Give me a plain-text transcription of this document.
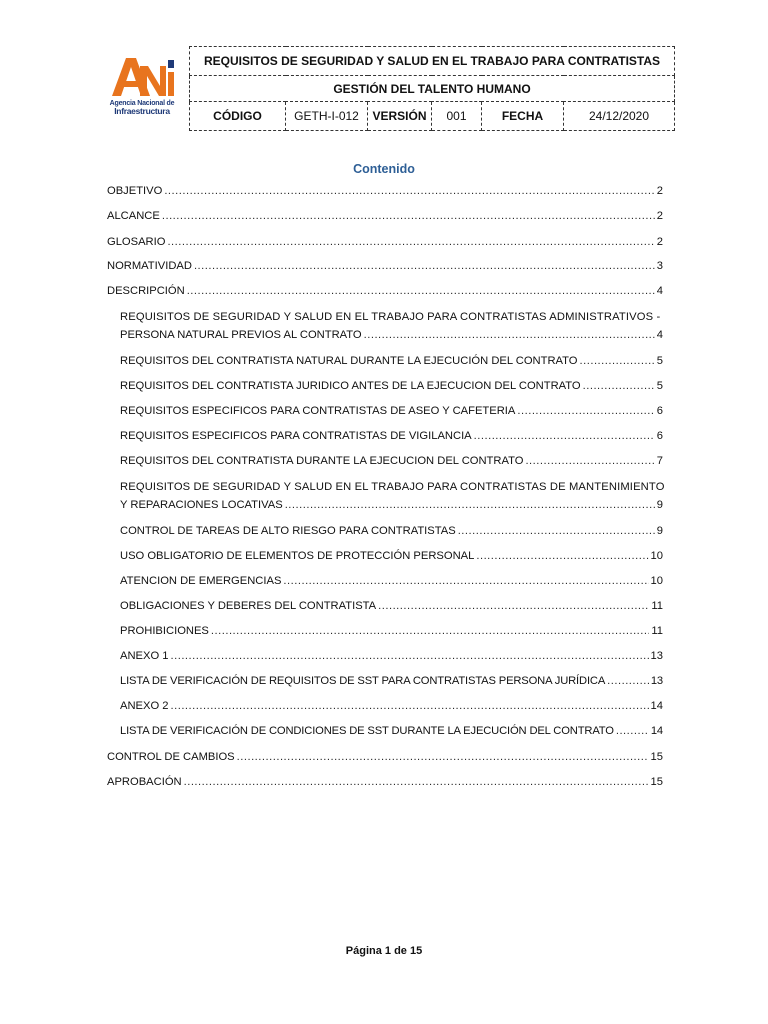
Agencia Nacional de
Infraestructura
REQUISITOS DE SEGURIDAD Y SALUD EN EL TRABAJO PARA CONTRATISTAS
GESTIÓN DEL TALENTO HUMANO
CÓDIGO	GETH-I-012	VERSIÓN	001	FECHA	24/12/2020
Contenido
OBJETIVO .....	2
ALCANCE .....	2
GLOSARIO .....	2
NORMATIVIDAD .....	3
DESCRIPCIÓN .....	4
REQUISITOS DE SEGURIDAD Y SALUD EN EL TRABAJO PARA CONTRATISTAS ADMINISTRATIVOS -
PERSONA NATURAL PREVIOS AL CONTRATO .....	4
REQUISITOS DEL CONTRATISTA NATURAL DURANTE LA EJECUCIÓN DEL CONTRATO .....	5
REQUISITOS DEL CONTRATISTA JURIDICO ANTES DE LA EJECUCION DEL CONTRATO .....	5
REQUISITOS ESPECIFICOS PARA CONTRATISTAS DE ASEO Y CAFETERIA .....	6
REQUISITOS ESPECIFICOS PARA CONTRATISTAS DE VIGILANCIA .....	6
REQUISITOS DEL CONTRATISTA DURANTE LA EJECUCION DEL CONTRATO .....	7
REQUISITOS DE SEGURIDAD Y SALUD EN EL TRABAJO PARA CONTRATISTAS DE MANTENIMIENTO
Y REPARACIONES LOCATIVAS .....	9
CONTROL DE TAREAS DE ALTO RIESGO PARA CONTRATISTAS .....	9
USO OBLIGATORIO DE ELEMENTOS DE PROTECCIÓN PERSONAL .....	10
ATENCION DE EMERGENCIAS .....	10
OBLIGACIONES Y DEBERES DEL CONTRATISTA .....	11
PROHIBICIONES .....	11
ANEXO 1 .....	13
LISTA DE VERIFICACIÓN DE REQUISITOS DE SST PARA CONTRATISTAS PERSONA JURÍDICA .....	13
ANEXO 2 .....	14
LISTA DE VERIFICACIÓN DE CONDICIONES DE SST DURANTE LA EJECUCIÓN DEL CONTRATO .....	14
CONTROL DE CAMBIOS .....	15
APROBACIÓN .....	15
Página 1 de 15
